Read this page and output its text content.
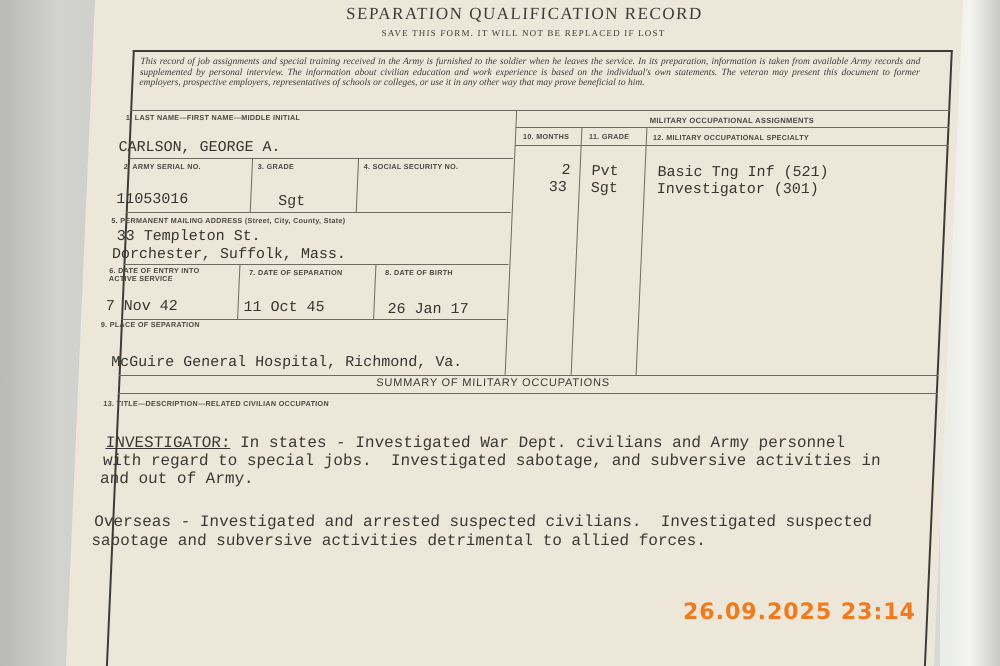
SEPARATION QUALIFICATION RECORD
SAVE THIS FORM. IT WILL NOT BE REPLACED IF LOST
This record of job assignments and special training received in the Army is furnished to the soldier when he leaves the service. In its preparation, information is taken from available Army records and supplemented by personal interview. The information about civilian education and work experience is based on the individual's own statements. The veteran may present this document to former employers, prospective employers, representatives of schools or colleges, or use it in any other way that may prove beneficial to him.
1. LAST NAME—FIRST NAME—MIDDLE INITIAL
CARLSON, GEORGE A.
2. ARMY SERIAL NO.	3. GRADE	4. SOCIAL SECURITY NO.
11053016	Sgt
5. PERMANENT MAILING ADDRESS (Street, City, County, State)
33 Templeton St.
Dorchester, Suffolk, Mass.
6. DATE OF ENTRY INTO ACTIVE SERVICE
7. DATE OF SEPARATION	8. DATE OF BIRTH
7 Nov 42	11 Oct 45	26 Jan 17
9. PLACE OF SEPARATION
McGuire General Hospital, Richmond, Va.
MILITARY OCCUPATIONAL ASSIGNMENTS
10. MONTHS	11. GRADE	12. MILITARY OCCUPATIONAL SPECIALTY
2 Pvt	Basic Tng Inf (521)
33 Sgt	Investigator (301)
SUMMARY OF MILITARY OCCUPATIONS
13. TITLE—DESCRIPTION—RELATED CIVILIAN OCCUPATION
INVESTIGATOR: In states - Investigated War Dept. civilians and Army personnel
with regard to special jobs.  Investigated sabotage, and subversive activities in
and out of Army.
Overseas - Investigated and arrested suspected civilians.  Investigated suspected
sabotage and subversive activities detrimental to allied forces.
26.09.2025 23:14
